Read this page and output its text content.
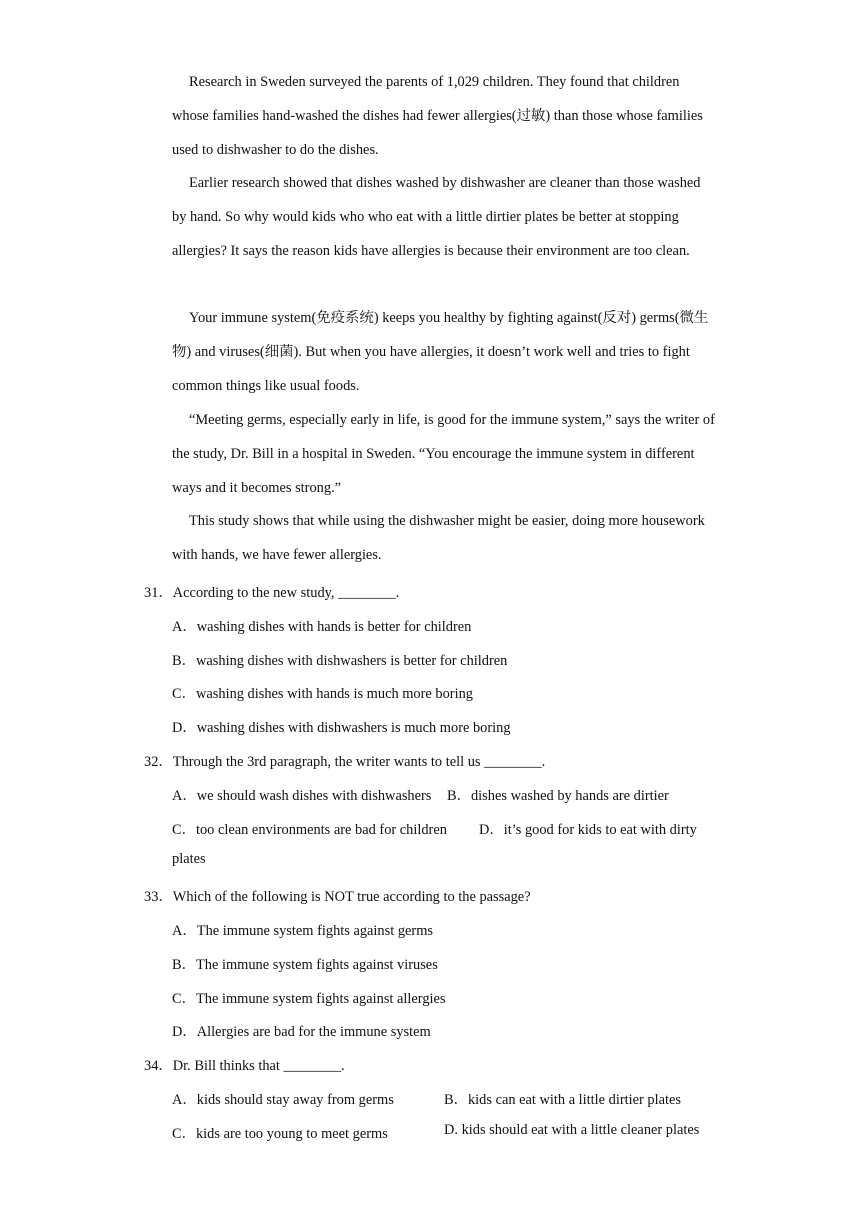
Research in Sweden surveyed the parents of 1,029 children. They found that children whose families hand-washed the dishes had fewer allergies(过敏) than those whose families used to dishwasher to do the dishes.

Earlier research showed that dishes washed by dishwasher are cleaner than those washed by hand. So why would kids who who eat with a little dirtier plates be better at stopping allergies? It says the reason kids have allergies is because their environment are too clean.

Your immune system(免疫系统) keeps you healthy by fighting against(反对) germs(微生物) and viruses(细菌). But when you have allergies, it doesn’t work well and tries to fight common things like usual foods.

“Meeting germs, especially early in life, is good for the immune system,” says the writer of the study, Dr. Bill in a hospital in Sweden. “You encourage the immune system in different ways and it becomes strong.”

This study shows that while using the dishwasher might be easier, doing more housework with hands, we have fewer allergies.

31．According to the new study, ________.
A．washing dishes with hands is better for children
B．washing dishes with dishwashers is better for children
C．washing dishes with hands is much more boring
D．washing dishes with dishwashers is much more boring
32．Through the 3rd paragraph, the writer wants to tell us ________.
A．we should wash dishes with dishwashers B．dishes washed by hands are dirtier
C．too clean environments are bad for children D．it’s good for kids to eat with dirty
plates
33．Which of the following is NOT true according to the passage?
A．The immune system fights against germs
B．The immune system fights against viruses
C．The immune system fights against allergies
D．Allergies are bad for the immune system
34．Dr. Bill thinks that ________.
A．kids should stay away from germs	B．kids can eat with a little dirtier plates
C．kids are too young to meet germs	D. kids should eat with a little cleaner plates
